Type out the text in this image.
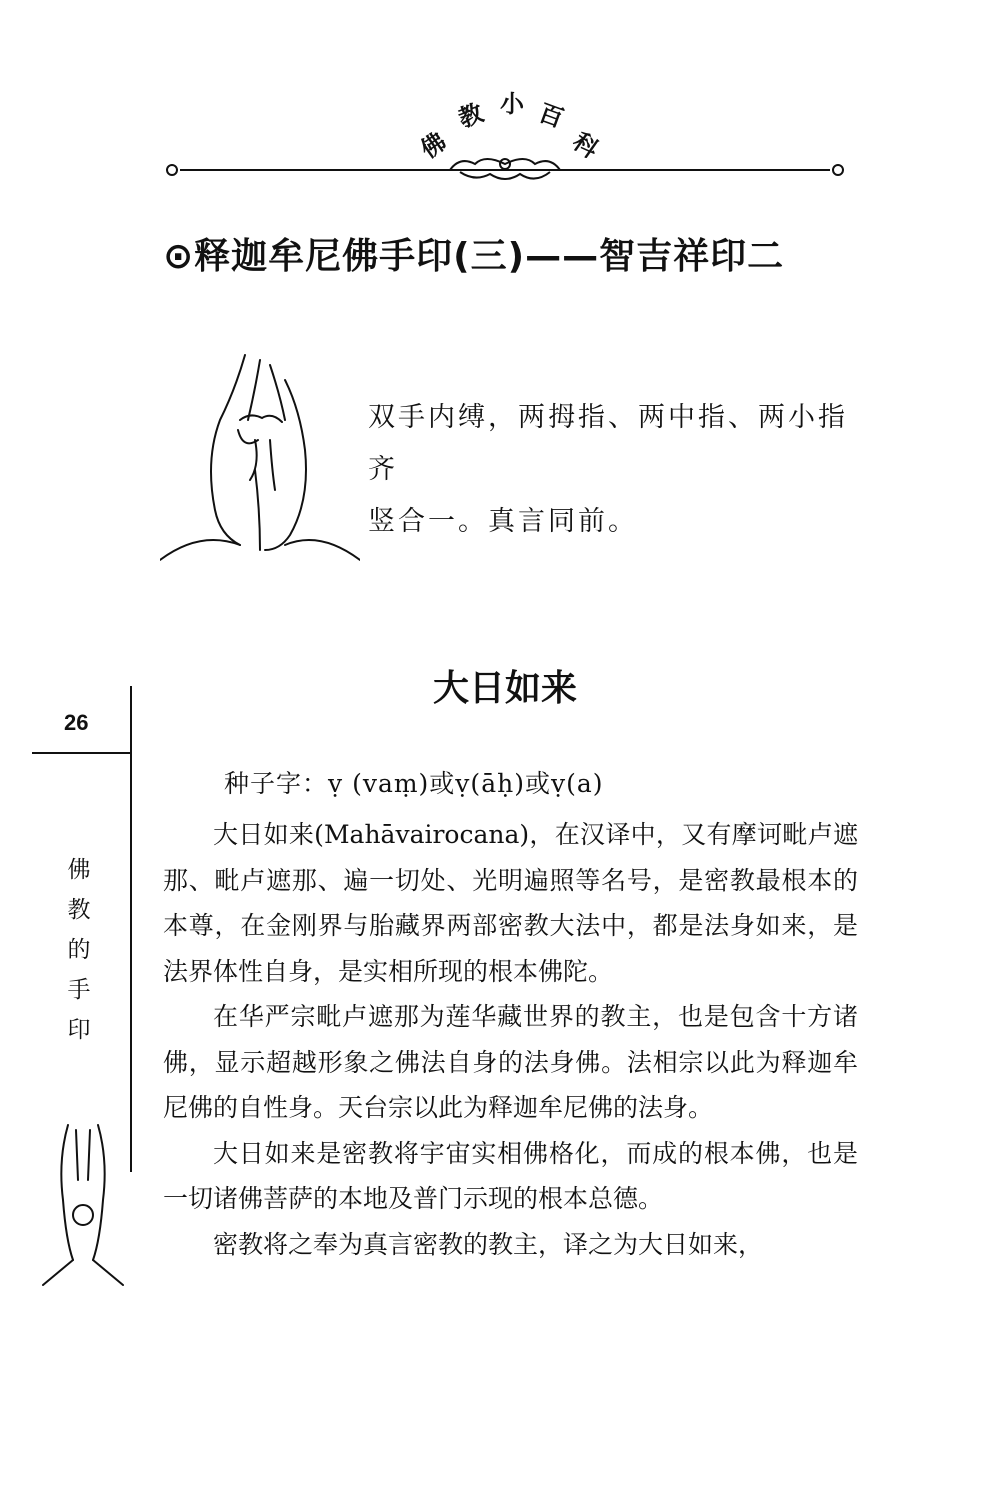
佛
教 小 百
科
⊙释迦牟尼佛手印(三)——智吉祥印二

双手内缚，两拇指、两中指、两小指齐

竖合一。真言同前。

大日如来
26
佛
教
的
手
印
种子字：ṿ (vaṃ)或ṿ(āḥ)或ṿ(a)

大日如来(Mahāvairocana)，在汉译中，又有摩诃毗卢遮那、毗卢遮那、遍一切处、光明遍照等名号，是密教最根本的本尊，在金刚界与胎藏界两部密教大法中，都是法身如来，是法界体性自身，是实相所现的根本佛陀。

在华严宗毗卢遮那为莲华藏世界的教主，也是包含十方诸佛，显示超越形象之佛法自身的法身佛。法相宗以此为释迦牟尼佛的自性身。天台宗以此为释迦牟尼佛的法身。

大日如来是密教将宇宙实相佛格化，而成的根本佛，也是一切诸佛菩萨的本地及普门示现的根本总德。

密教将之奉为真言密教的教主，译之为大日如来，
